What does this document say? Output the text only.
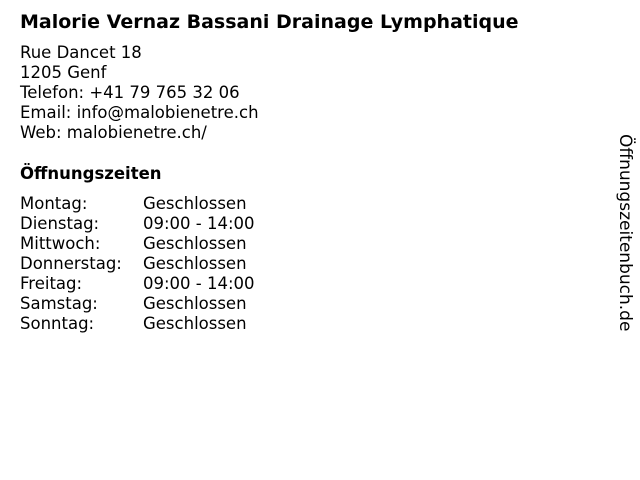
Malorie Vernaz Bassani Drainage Lymphatique
Rue Dancet 18
1205 Genf
Telefon: +41 79 765 32 06
Email: info@malobienetre.ch
Web: malobienetre.ch/
Öffnungszeiten
Montag:	Geschlossen
Dienstag:	09:00 - 14:00
Mittwoch:	Geschlossen
Donnerstag:	Geschlossen
Freitag:	09:00 - 14:00
Samstag:	Geschlossen
Sonntag:	Geschlossen	Öffnungszeitenbuch.de
